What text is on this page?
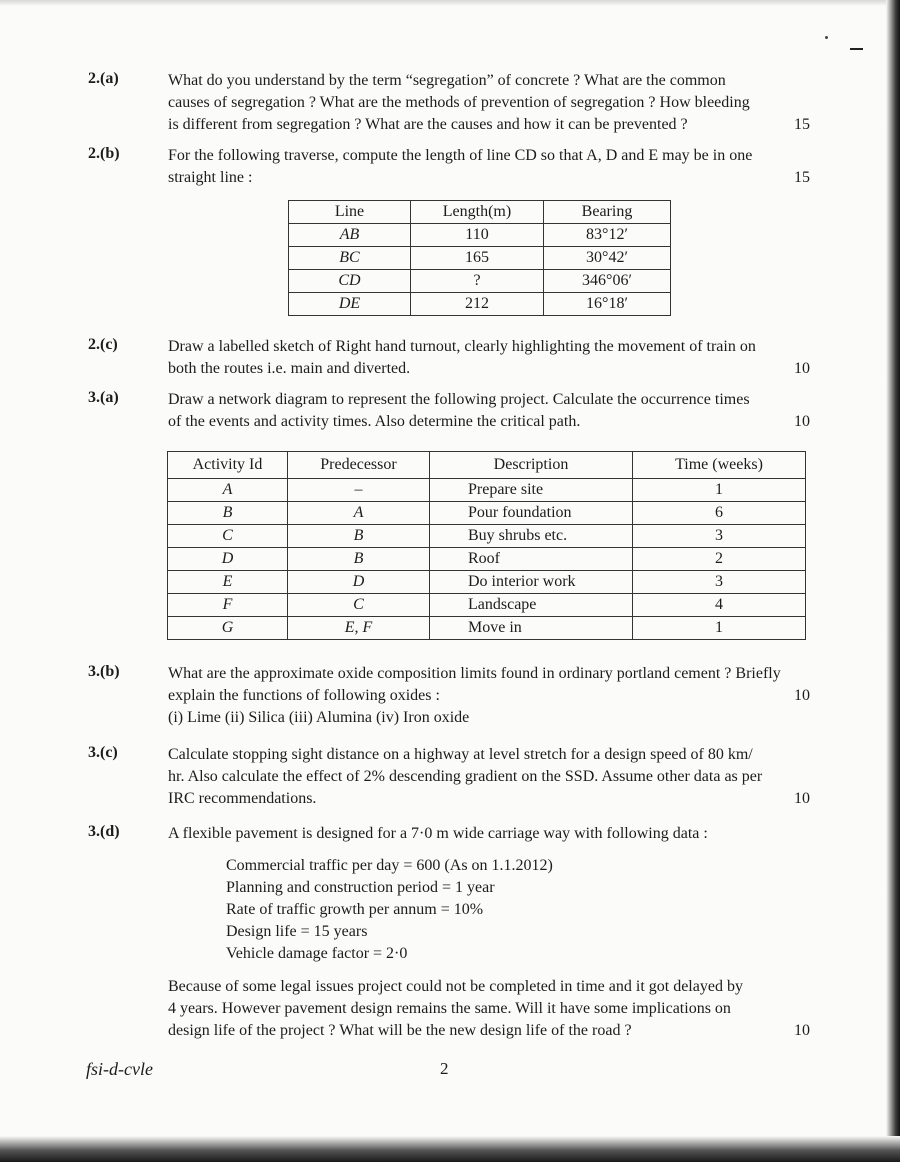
2.(a)	What do you understand by the term “segregation” of concrete ? What are the common
causes of segregation ? What are the methods of prevention of segregation ? How bleeding
is different from segregation ? What are the causes and how it can be prevented ?	15
2.(b)	For the following traverse, compute the length of line CD so that A, D and E may be in one
straight line :	15
Line	Length(m)	Bearing
AB	110	83°12′
BC	165	30°42′
CD	?	346°06′
DE	212	16°18′
2.(c)	Draw a labelled sketch of Right hand turnout, clearly highlighting the movement of train on
both the routes i.e. main and diverted.	10
3.(a)	Draw a network diagram to represent the following project. Calculate the occurrence times
of the events and activity times. Also determine the critical path.	10
Activity Id	Predecessor	Description	Time (weeks)
A	–	Prepare site	1
B	A	Pour foundation	6
C	B	Buy shrubs etc.	3
D	B	Roof	2
E	D	Do interior work	3
F	C	Landscape	4
G	E, F	Move in	1
3.(b)	What are the approximate oxide composition limits found in ordinary portland cement ? Briefly
explain the functions of following oxides :	10
(i) Lime (ii) Silica (iii) Alumina (iv) Iron oxide
3.(c)	Calculate stopping sight distance on a highway at level stretch for a design speed of 80 km/
hr. Also calculate the effect of 2% descending gradient on the SSD. Assume other data as per
IRC recommendations.	10
3.(d)	A flexible pavement is designed for a 7·0 m wide carriage way with following data :
Commercial traffic per day = 600 (As on 1.1.2012)
Planning and construction period = 1 year
Rate of traffic growth per annum = 10%
Design life = 15 years
Vehicle damage factor = 2·0
Because of some legal issues project could not be completed in time and it got delayed by
4 years. However pavement design remains the same. Will it have some implications on
design life of the project ? What will be the new design life of the road ?	10
fsi-d-cvle	2
